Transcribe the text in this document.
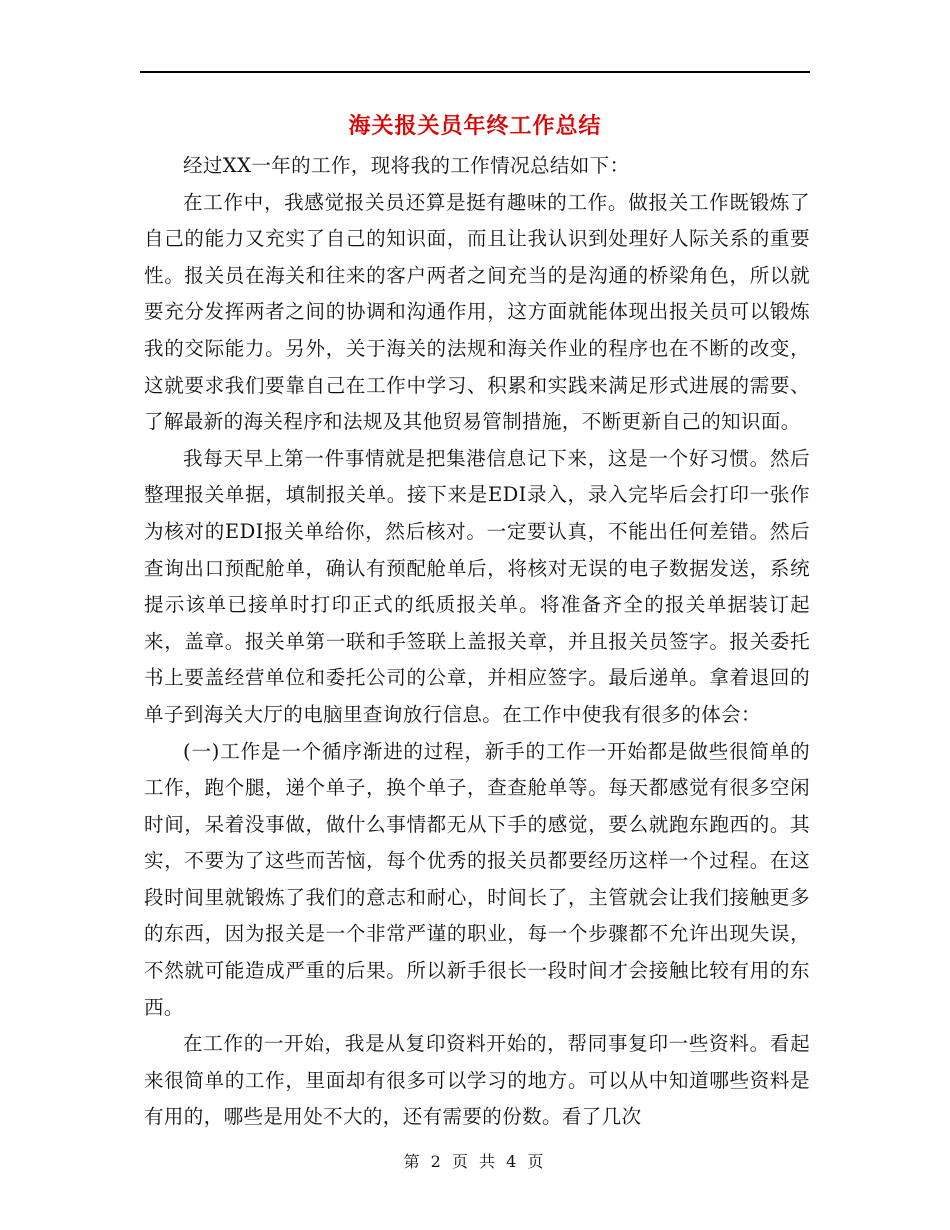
海关报关员年终工作总结

经过XX一年的工作，现将我的工作情况总结如下：

在工作中，我感觉报关员还算是挺有趣味的工作。做报关工作既锻炼了自己的能力又充实了自己的知识面，而且让我认识到处理好人际关系的重要性。报关员在海关和往来的客户两者之间充当的是沟通的桥梁角色，所以就要充分发挥两者之间的协调和沟通作用，这方面就能体现出报关员可以锻炼我的交际能力。另外，关于海关的法规和海关作业的程序也在不断的改变，这就要求我们要靠自己在工作中学习、积累和实践来满足形式进展的需要、了解最新的海关程序和法规及其他贸易管制措施，不断更新自己的知识面。

我每天早上第一件事情就是把集港信息记下来，这是一个好习惯。然后整理报关单据，填制报关单。接下来是EDI录入，录入完毕后会打印一张作为核对的EDI报关单给你，然后核对。一定要认真，不能出任何差错。然后查询出口预配舱单，确认有预配舱单后，将核对无误的电子数据发送，系统提示该单已接单时打印正式的纸质报关单。将准备齐全的报关单据装订起来，盖章。报关单第一联和手签联上盖报关章，并且报关员签字。报关委托书上要盖经营单位和委托公司的公章，并相应签字。最后递单。拿着退回的单子到海关大厅的电脑里查询放行信息。在工作中使我有很多的体会：

(一)工作是一个循序渐进的过程，新手的工作一开始都是做些很简单的工作，跑个腿，递个单子，换个单子，查查舱单等。每天都感觉有很多空闲时间，呆着没事做，做什么事情都无从下手的感觉，要么就跑东跑西的。其实，不要为了这些而苦恼，每个优秀的报关员都要经历这样一个过程。在这段时间里就锻炼了我们的意志和耐心，时间长了，主管就会让我们接触更多的东西，因为报关是一个非常严谨的职业，每一个步骤都不允许出现失误，不然就可能造成严重的后果。所以新手很长一段时间才会接触比较有用的东西。

在工作的一开始，我是从复印资料开始的，帮同事复印一些资料。看起来很简单的工作，里面却有很多可以学习的地方。可以从中知道哪些资料是有用的，哪些是用处不大的，还有需要的份数。看了几次

第 2 页 共 4 页
